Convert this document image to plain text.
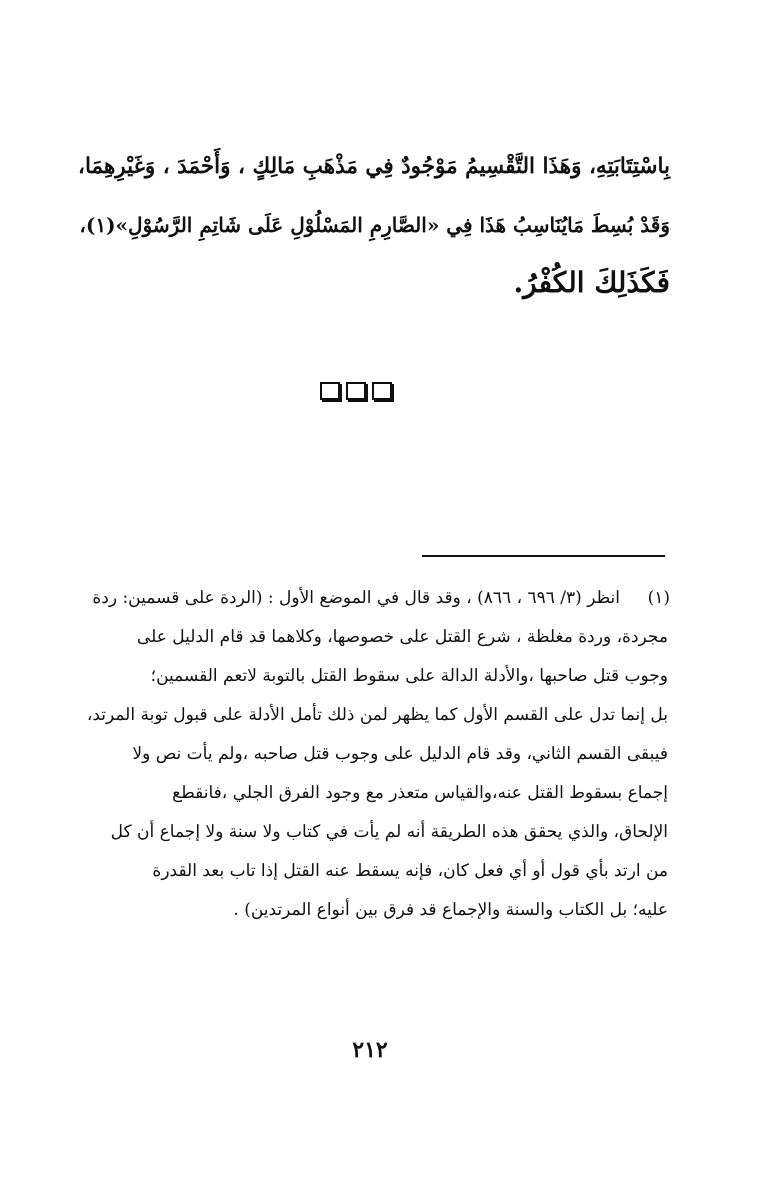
بِاسْتِتَابَتِهِ، وَهَذَا التَّقْسِيمُ مَوْجُودٌ فِي مَذْهَبِ مَالِكٍ ، وَأَحْمَدَ ، وَغَيْرِهِمَا،

وَقَدْ بُسِطَ مَايُنَاسِبُ هَذَا فِي «الصَّارِمِ المَسْلُوْلِ عَلَى شَاتِمِ الرَّسُوْلِ»(١)،

فَكَذَلِكَ الكُفْرُ.

(١)

انظر (٣/ ٦٩٦ ، ٨٦٦) ، وقد قال في الموضع الأول : (الردة على قسمين: ردة

مجردة، وردة مغلظة ، شرع القتل على خصوصها، وكلاهما قد قام الدليل على

وجوب قتل صاحبها ،والأدلة الدالة على سقوط القتل بالتوبة لاتعم القسمين؛

بل إنما تدل على القسم الأول كما يظهر لمن ذلك تأمل الأدلة على قبول توبة المرتد،

فيبقى القسم الثاني، وقد قام الدليل على وجوب قتل صاحبه ،ولم يأت نص ولا

إجماع بسقوط القتل عنه،والقياس متعذر مع وجود الفرق الجلي ،فانقطع

الإلحاق، والذي يحقق هذه الطريقة أنه لم يأت في كتاب ولا سنة ولا إجماع أن كل

من ارتد بأي قول أو أي فعل كان، فإنه يسقط عنه القتل إذا تاب بعد القدرة

عليه؛ بل الكتاب والسنة والإجماع قد فرق بين أنواع المرتدين) .

٢١٢
